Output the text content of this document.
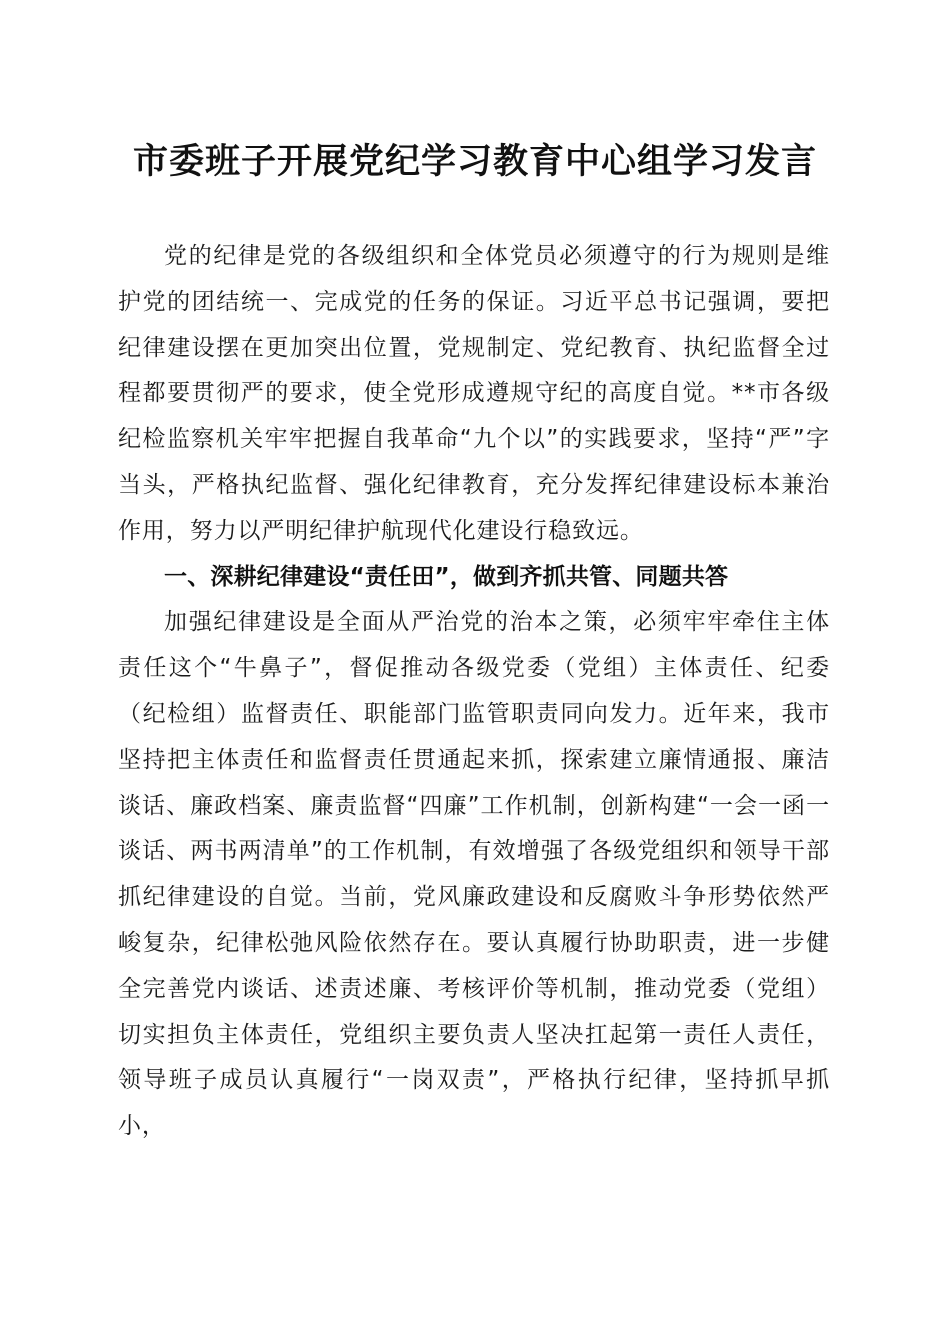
市委班子开展党纪学习教育中心组学习发言

党的纪律是党的各级组织和全体党员必须遵守的行为规则是维护党的团结统一、完成党的任务的保证。习近平总书记强调，要把纪律建设摆在更加突出位置，党规制定、党纪教育、执纪监督全过程都要贯彻严的要求，使全党形成遵规守纪的高度自觉。**市各级纪检监察机关牢牢把握自我革命“九个以”的实践要求，坚持“严”字当头，严格执纪监督、强化纪律教育，充分发挥纪律建设标本兼治作用，努力以严明纪律护航现代化建设行稳致远。

一、深耕纪律建设“责任田”，做到齐抓共管、同题共答

加强纪律建设是全面从严治党的治本之策，必须牢牢牵住主体责任这个“牛鼻子”，督促推动各级党委（党组）主体责任、纪委（纪检组）监督责任、职能部门监管职责同向发力。近年来，我市坚持把主体责任和监督责任贯通起来抓，探索建立廉情通报、廉洁谈话、廉政档案、廉责监督“四廉”工作机制，创新构建“一会一函一谈话、两书两清单”的工作机制，有效增强了各级党组织和领导干部抓纪律建设的自觉。当前，党风廉政建设和反腐败斗争形势依然严峻复杂，纪律松弛风险依然存在。要认真履行协助职责，进一步健全完善党内谈话、述责述廉、考核评价等机制，推动党委（党组）切实担负主体责任，党组织主要负责人坚决扛起第一责任人责任，领导班子成员认真履行“一岗双责”，严格执行纪律，坚持抓早抓小，
